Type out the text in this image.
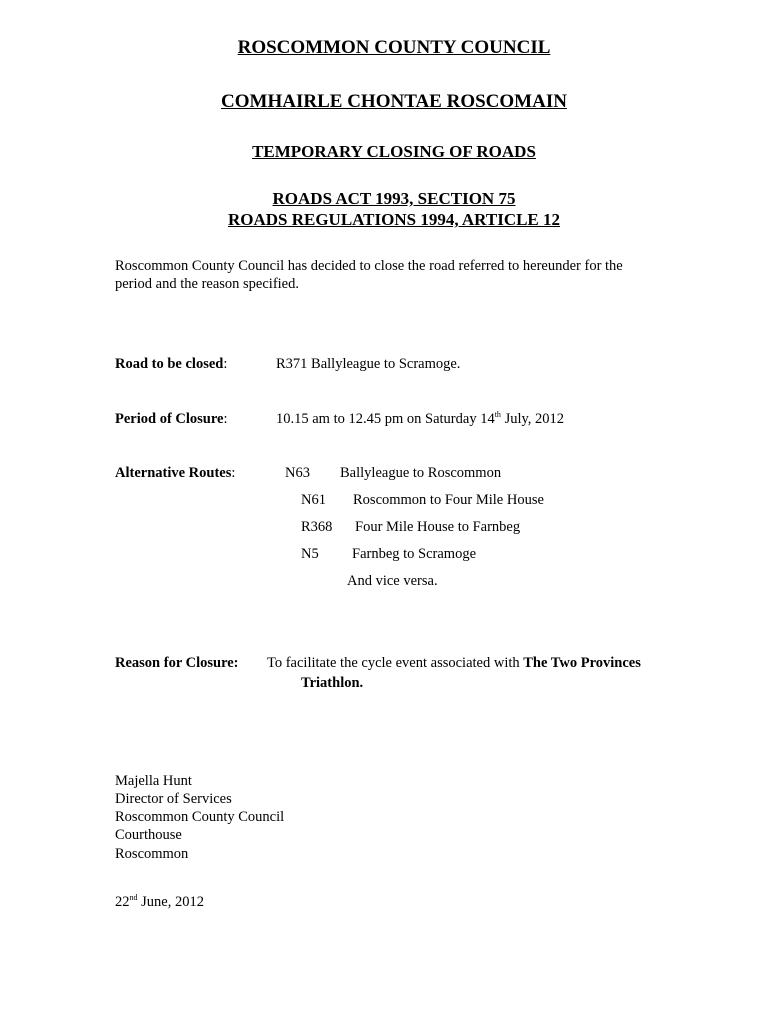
ROSCOMMON COUNTY COUNCIL
COMHAIRLE CHONTAE ROSCOMAIN
TEMPORARY CLOSING OF ROADS
ROADS ACT 1993, SECTION 75
ROADS REGULATIONS 1994, ARTICLE 12
Roscommon County Council has decided to close the road referred to hereunder for the
period and the reason specified.
Road to be closed:	R371 Ballyleague to Scramoge.
Period of Closure:	10.15 am to 12.45 pm on Saturday 14th July, 2012
Alternative Routes:	N63 Ballyleague to Roscommon
N61 Roscommon to Four Mile House
R368 Four Mile House to Farnbeg
N5 Farnbeg to Scramoge
And vice versa.
Reason for Closure: To facilitate the cycle event associated with The Two Provinces
Triathlon.
Majella Hunt
Director of Services
Roscommon County Council
Courthouse
Roscommon
22nd June, 2012
